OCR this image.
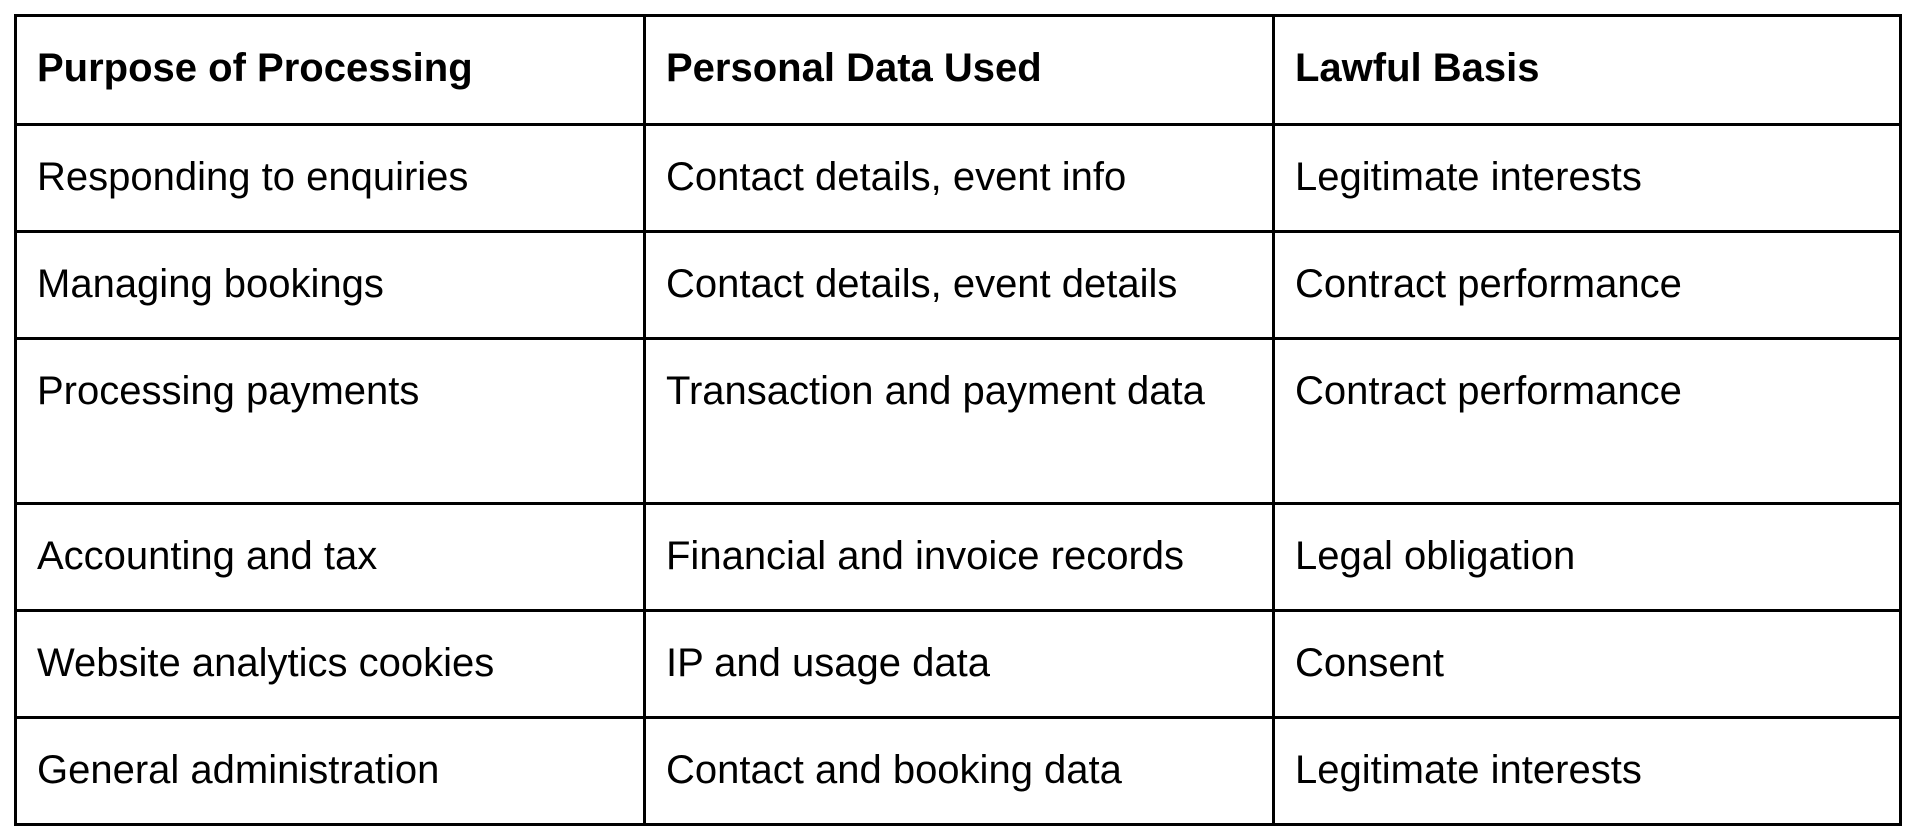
Purpose of Processing	Personal Data Used	Lawful Basis
Responding to enquiries	Contact details, event info	Legitimate interests
Managing bookings	Contact details, event details	Contract performance
Processing payments	Transaction and payment data	Contract performance
Accounting and tax	Financial and invoice records	Legal obligation
Website analytics cookies	IP and usage data	Consent
General administration	Contact and booking data	Legitimate interests
